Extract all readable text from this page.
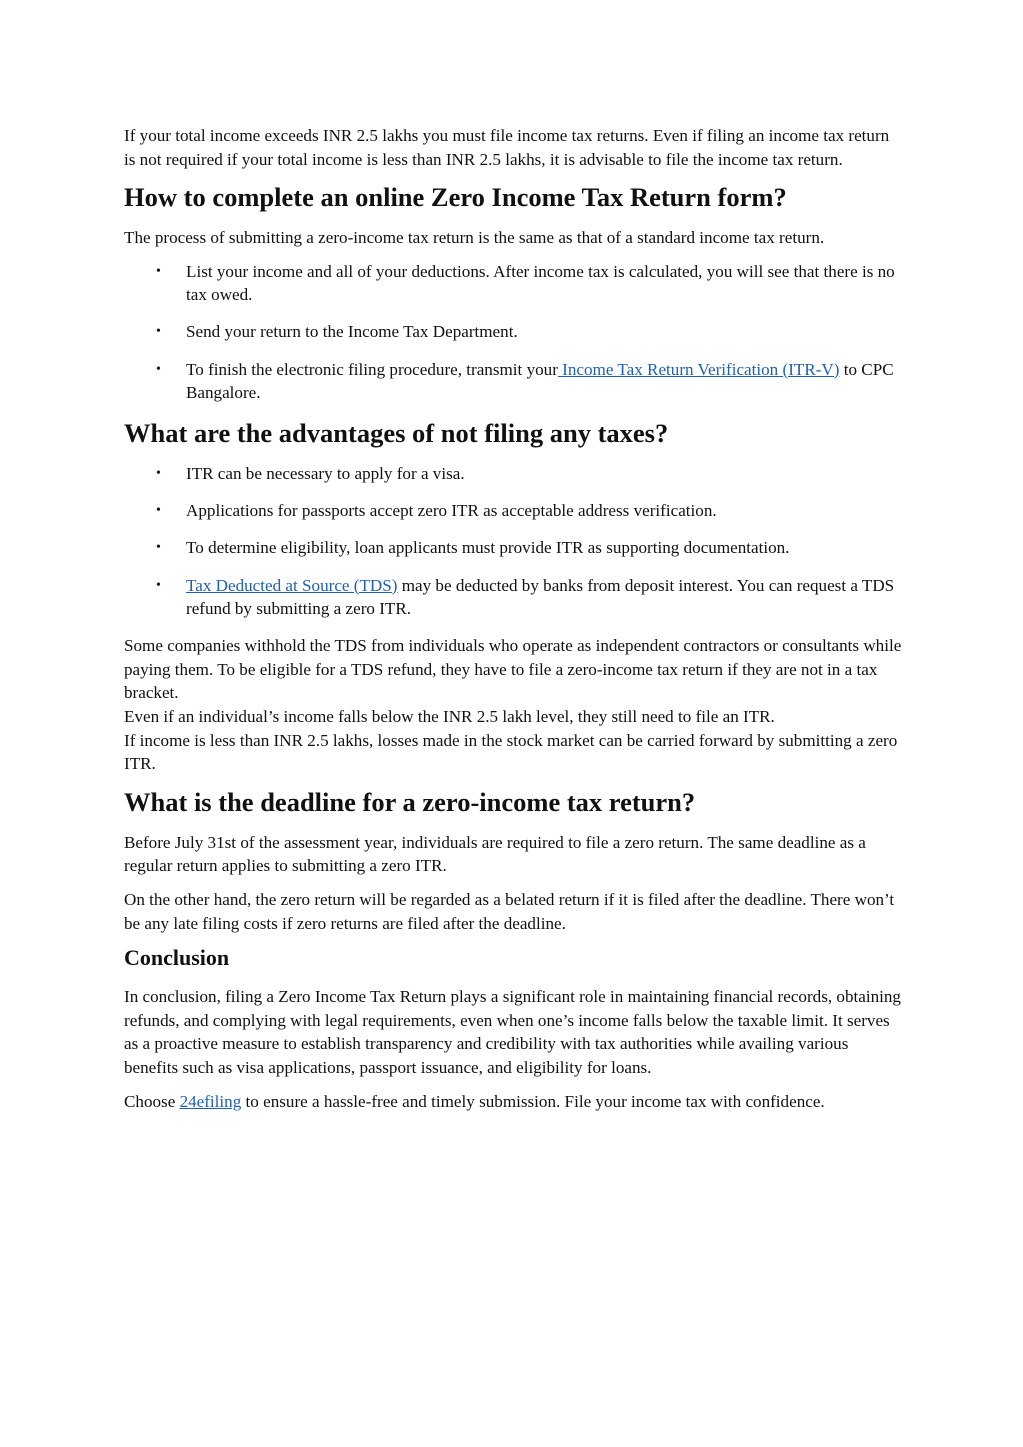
If your total income exceeds INR 2.5 lakhs you must file income tax returns. Even if filing an income tax return is not required if your total income is less than INR 2.5 lakhs, it is advisable to file the income tax return.

How to complete an online Zero Income Tax Return form?

The process of submitting a zero-income tax return is the same as that of a standard income tax return.

• List your income and all of your deductions. After income tax is calculated, you will see that there is no tax owed.
• Send your return to the Income Tax Department.
• To finish the electronic filing procedure, transmit your Income Tax Return Verification (ITR-V) to CPC Bangalore.
What are the advantages of not filing any taxes?
• ITR can be necessary to apply for a visa.
• Applications for passports accept zero ITR as acceptable address verification.
• To determine eligibility, loan applicants must provide ITR as supporting documentation.
• Tax Deducted at Source (TDS) may be deducted by banks from deposit interest. You can request a TDS refund by submitting a zero ITR.

Some companies withhold the TDS from individuals who operate as independent contractors or consultants while paying them. To be eligible for a TDS refund, they have to file a zero-income tax return if they are not in a tax bracket.

Even if an individual’s income falls below the INR 2.5 lakh level, they still need to file an ITR.

If income is less than INR 2.5 lakhs, losses made in the stock market can be carried forward by submitting a zero ITR.

What is the deadline for a zero-income tax return?

Before July 31st of the assessment year, individuals are required to file a zero return. The same deadline as a regular return applies to submitting a zero ITR.

On the other hand, the zero return will be regarded as a belated return if it is filed after the deadline. There won’t be any late filing costs if zero returns are filed after the deadline.

Conclusion

In conclusion, filing a Zero Income Tax Return plays a significant role in maintaining financial records, obtaining refunds, and complying with legal requirements, even when one’s income falls below the taxable limit. It serves as a proactive measure to establish transparency and credibility with tax authorities while availing various benefits such as visa applications, passport issuance, and eligibility for loans.

Choose 24efiling to ensure a hassle-free and timely submission. File your income tax with confidence.
